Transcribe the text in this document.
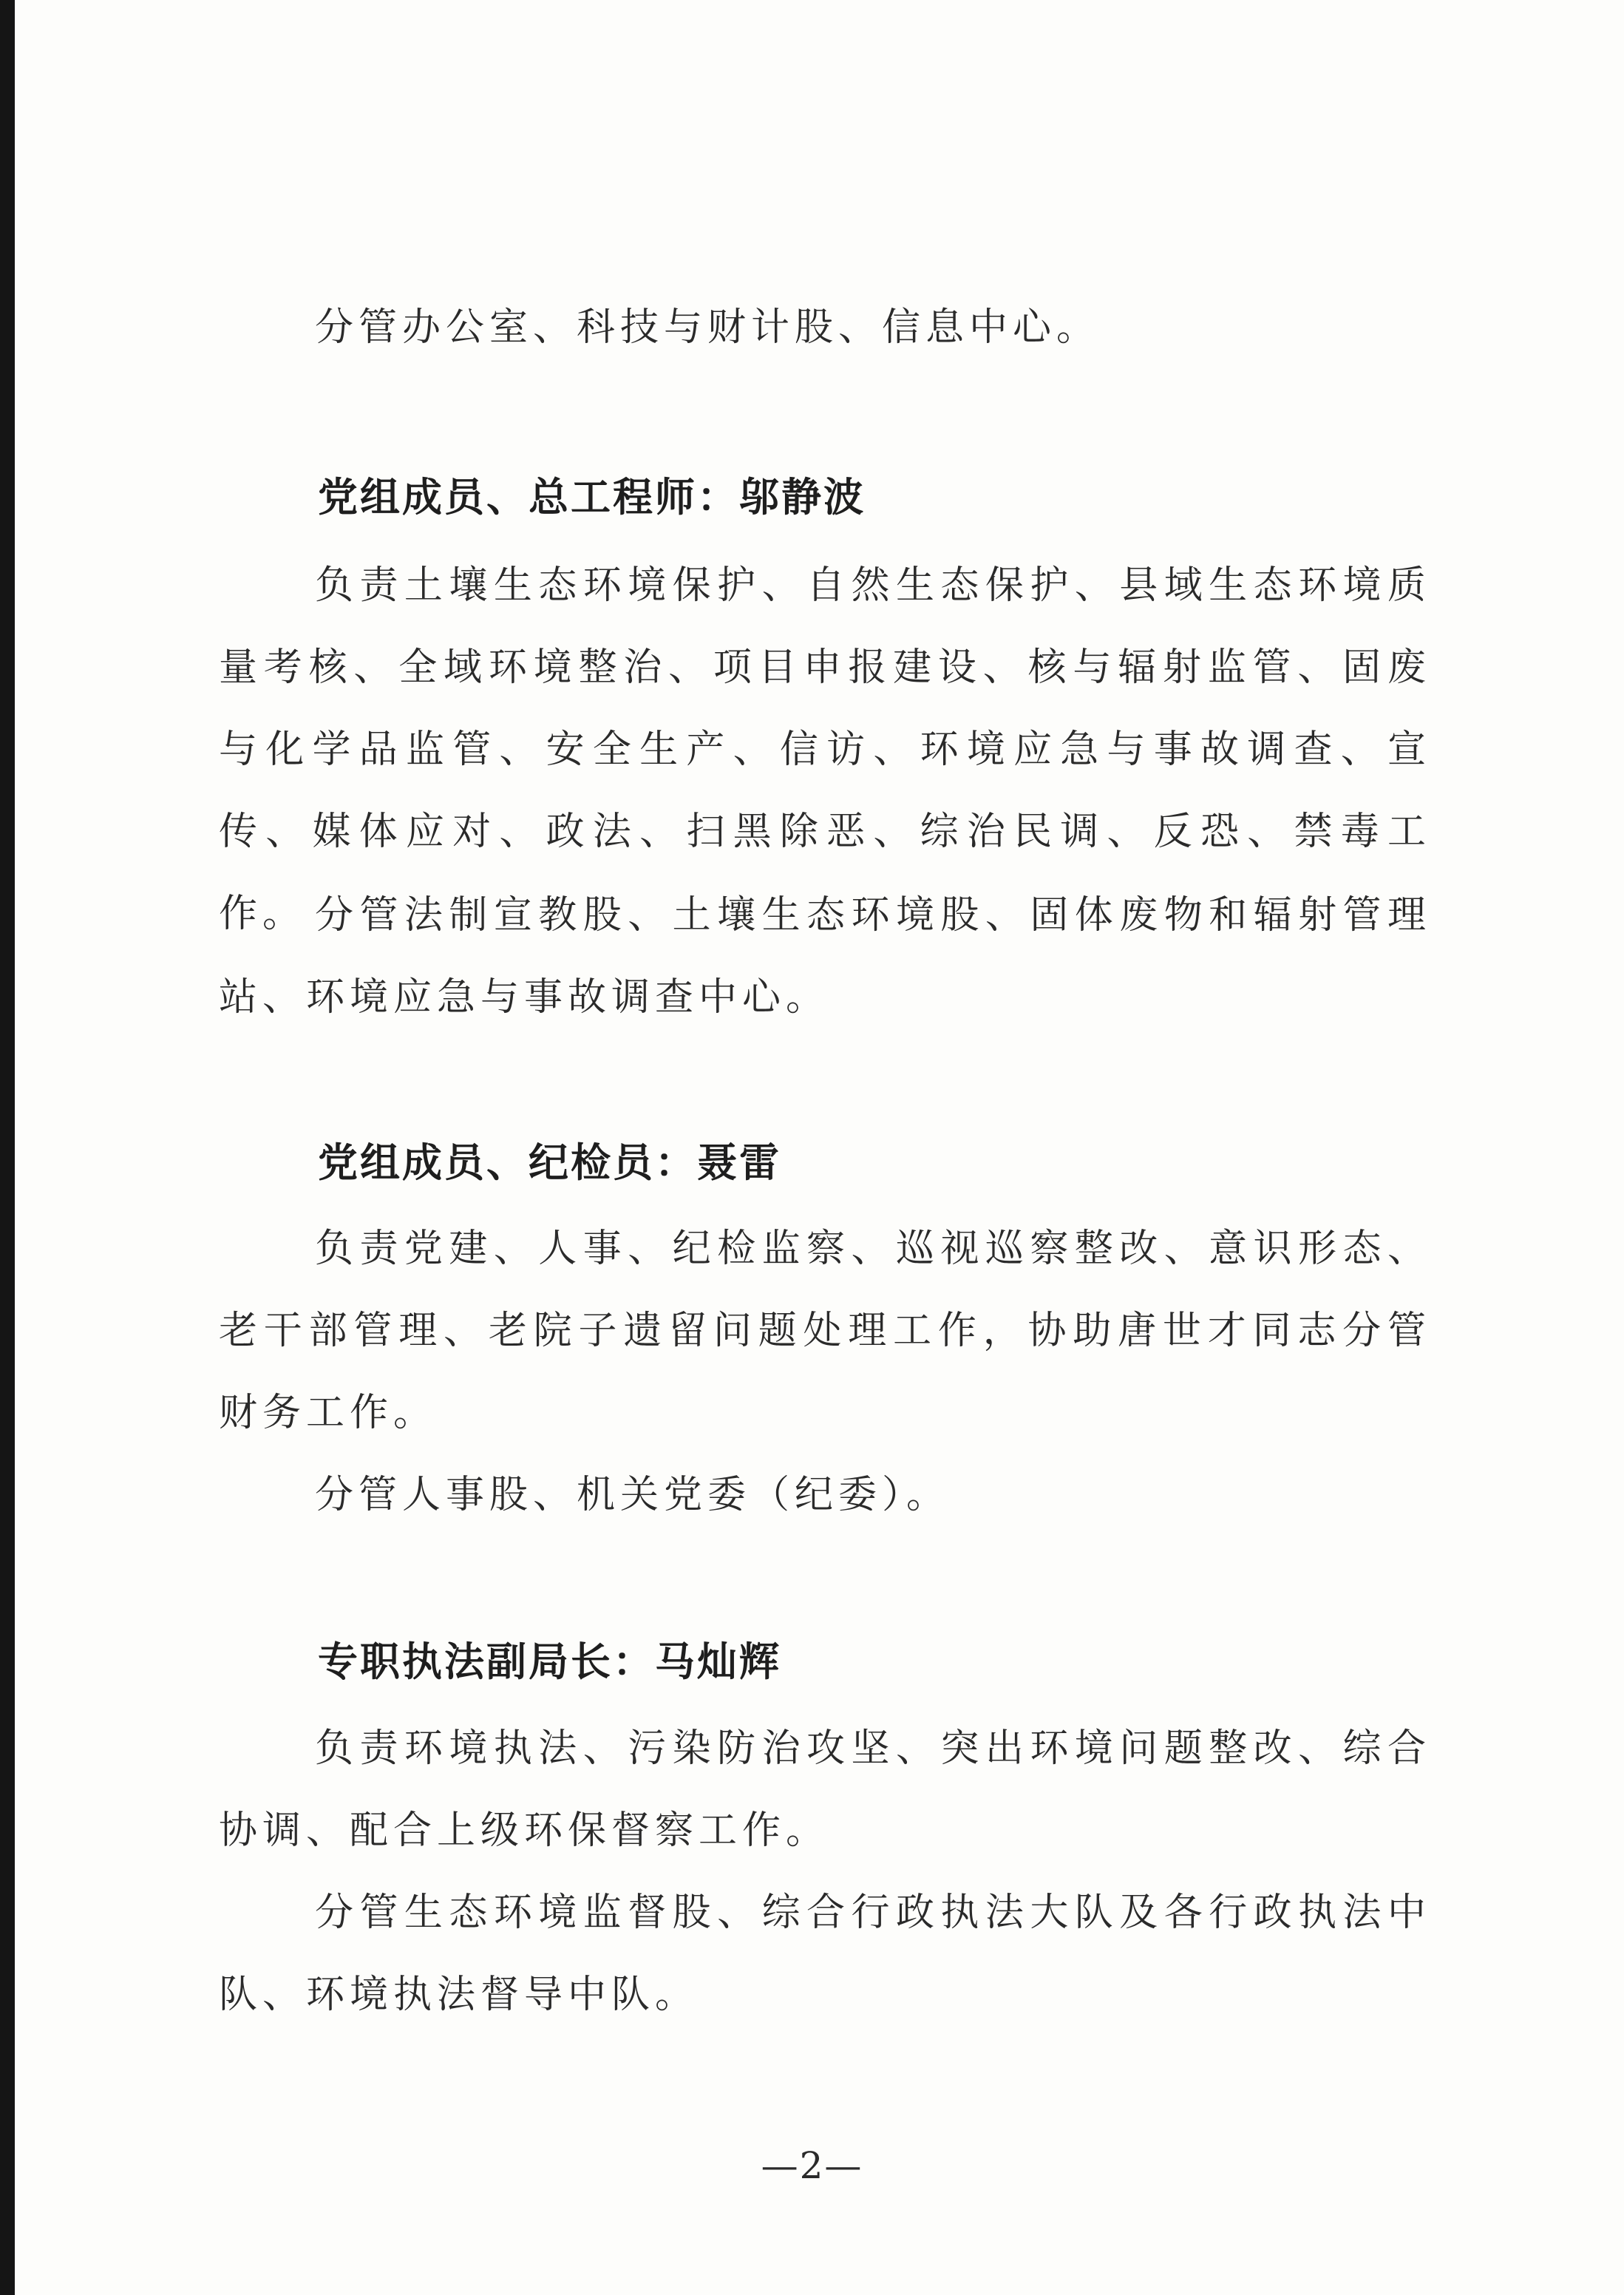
分管办公室、科技与财计股、信息中心。

党组成员、总工程师：邬静波

负责土壤生态环境保护、自然生态保护、县域生态环境质量考核、全域环境整治、项目申报建设、核与辐射监管、固废与化学品监管、安全生产、信访、环境应急与事故调查、宣传、媒体应对、政法、扫黑除恶、综治民调、反恐、禁毒工作。 分管法制宣教股、土壤生态环境股、固体废物和辐射管理站、环境应急与事故调查中心。

党组成员、纪检员：聂雷

负责党建、人事、纪检监察、巡视巡察整改、意识形态、老干部管理、老院子遗留问题处理工作，协助唐世才同志分管财务工作。

分管人事股、机关党委（纪委）。

专职执法副局长：马灿辉

负责环境执法、污染防治攻坚、突出环境问题整改、综合协调、配合上级环保督察工作。

分管生态环境监督股、综合行政执法大队及各行政执法中队、环境执法督导中队。

—2—
